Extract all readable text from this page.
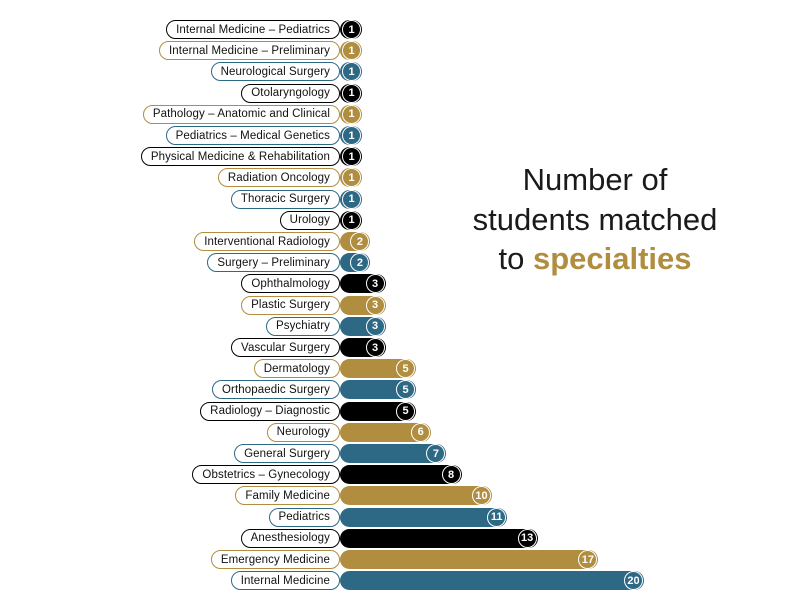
Internal Medicine – Pediatrics	1
Internal Medicine – Preliminary	1
Neurological Surgery	1
Otolaryngology	1
Pathology – Anatomic and Clinical	1
Pediatrics – Medical Genetics	1
Physical Medicine & Rehabilitation	1
Radiation Oncology	1
Thoracic Surgery	1
Urology	1
Interventional Radiology	2
Surgery – Preliminary	2
Ophthalmology	3
Plastic Surgery	3
Psychiatry	3
Vascular Surgery	3
Dermatology	5
Orthopaedic Surgery	5
Radiology – Diagnostic	5
Neurology	6
General Surgery	7
Obstetrics – Gynecology	8
Family Medicine	10
Pediatrics	11
Anesthesiology	13
Emergency Medicine	17
Internal Medicine	20
Number of
students matched
to specialties
